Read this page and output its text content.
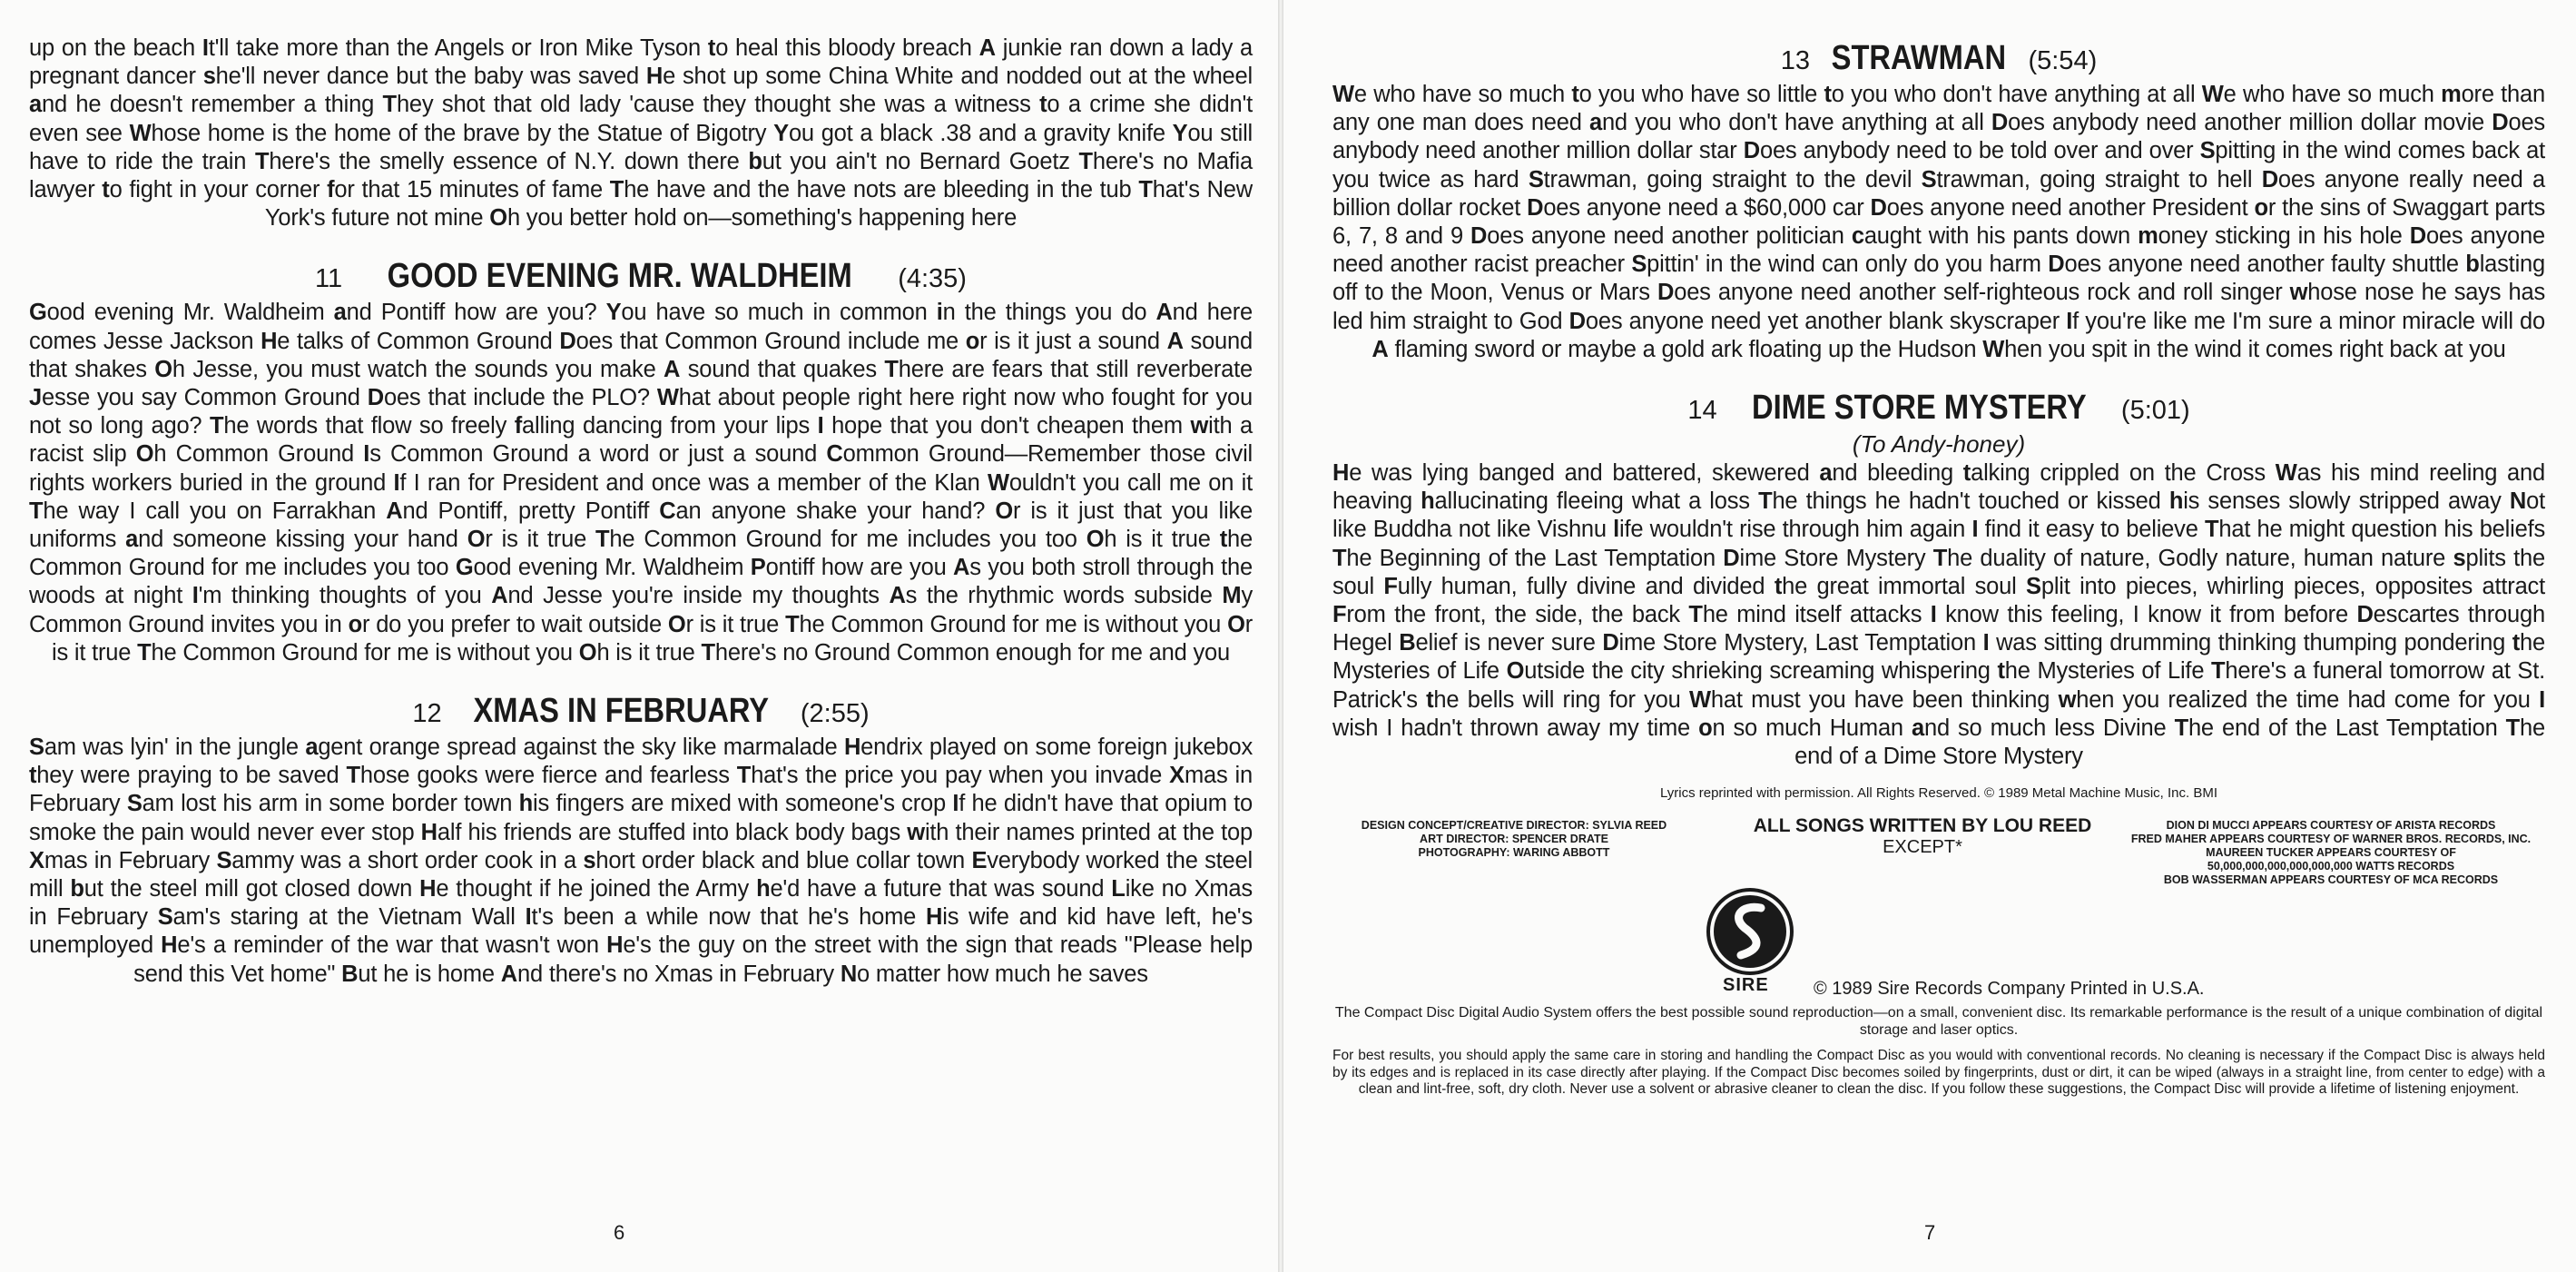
up on the beach It'll take more than the Angels or Iron Mike Tyson to heal this bloody breach A junkie ran down a lady a pregnant dancer she'll never dance but the baby was saved He shot up some China White and nodded out at the wheel and he doesn't remember a thing They shot that old lady 'cause they thought she was a witness to a crime she didn't even see Whose home is the home of the brave by the Statue of Bigotry You got a black .38 and a gravity knife You still have to ride the train There's the smelly essence of N.Y. down there but you ain't no Bernard Goetz There's no Mafia lawyer to fight in your corner for that 15 minutes of fame The have and the have nots are bleeding in the tub That's New York's future not mine Oh you better hold on—something's happening here

11 GOOD EVENING MR. WALDHEIM (4:35)

Good evening Mr. Waldheim and Pontiff how are you? You have so much in common in the things you do And here comes Jesse Jackson He talks of Common Ground Does that Common Ground include me or is it just a sound A sound that shakes Oh Jesse, you must watch the sounds you make A sound that quakes There are fears that still reverberate Jesse you say Common Ground Does that include the PLO? What about people right here right now who fought for you not so long ago? The words that flow so freely falling dancing from your lips I hope that you don't cheapen them with a racist slip Oh Common Ground Is Common Ground a word or just a sound Common Ground—Remember those civil rights workers buried in the ground If I ran for President and once was a member of the Klan Wouldn't you call me on it The way I call you on Farrakhan And Pontiff, pretty Pontiff Can anyone shake your hand? Or is it just that you like uniforms and someone kissing your hand Or is it true The Common Ground for me includes you too Oh is it true the Common Ground for me includes you too Good evening Mr. Waldheim Pontiff how are you As you both stroll through the woods at night I'm thinking thoughts of you And Jesse you're inside my thoughts As the rhythmic words subside My Common Ground invites you in or do you prefer to wait outside Or is it true The Common Ground for me is without you Or is it true The Common Ground for me is without you Oh is it true There's no Ground Common enough for me and you

12 XMAS IN FEBRUARY (2:55)

Sam was lyin' in the jungle agent orange spread against the sky like marmalade Hendrix played on some foreign jukebox they were praying to be saved Those gooks were fierce and fearless That's the price you pay when you invade Xmas in February Sam lost his arm in some border town his fingers are mixed with someone's crop If he didn't have that opium to smoke the pain would never ever stop Half his friends are stuffed into black body bags with their names printed at the top Xmas in February Sammy was a short order cook in a short order black and blue collar town Everybody worked the steel mill but the steel mill got closed down He thought if he joined the Army he'd have a future that was sound Like no Xmas in February Sam's staring at the Vietnam Wall It's been a while now that he's home His wife and kid have left, he's unemployed He's a reminder of the war that wasn't won He's the guy on the street with the sign that reads "Please help send this Vet home" But he is home And there's no Xmas in February No matter how much he saves

6
13 STRAWMAN (5:54)

We who have so much to you who have so little to you who don't have anything at all We who have so much more than any one man does need and you who don't have anything at all Does anybody need another million dollar movie Does anybody need another million dollar star Does anybody need to be told over and over Spitting in the wind comes back at you twice as hard Strawman, going straight to the devil Strawman, going straight to hell Does anyone really need a billion dollar rocket Does anyone need a $60,000 car Does anyone need another President or the sins of Swaggart parts 6, 7, 8 and 9 Does anyone need another politician caught with his pants down money sticking in his hole Does anyone need another racist preacher Spittin' in the wind can only do you harm Does anyone need another faulty shuttle blasting off to the Moon, Venus or Mars Does anyone need another self-righteous rock and roll singer whose nose he says has led him straight to God Does anyone need yet another blank skyscraper If you're like me I'm sure a minor miracle will do A flaming sword or maybe a gold ark floating up the Hudson When you spit in the wind it comes right back at you

14 DIME STORE MYSTERY (5:01)
(To Andy-honey)

He was lying banged and battered, skewered and bleeding talking crippled on the Cross Was his mind reeling and heaving hallucinating fleeing what a loss The things he hadn't touched or kissed his senses slowly stripped away Not like Buddha not like Vishnu life wouldn't rise through him again I find it easy to believe That he might question his beliefs The Beginning of the Last Temptation Dime Store Mystery The duality of nature, Godly nature, human nature splits the soul Fully human, fully divine and divided the great immortal soul Split into pieces, whirling pieces, opposites attract From the front, the side, the back The mind itself attacks I know this feeling, I know it from before Descartes through Hegel Belief is never sure Dime Store Mystery, Last Temptation I was sitting drumming thinking thumping pondering the Mysteries of Life Outside the city shrieking screaming whispering the Mysteries of Life There's a funeral tomorrow at St. Patrick's the bells will ring for you What must you have been thinking when you realized the time had come for you I wish I hadn't thrown away my time on so much Human and so much less Divine The end of the Last Temptation The end of a Dime Store Mystery

Lyrics reprinted with permission. All Rights Reserved. © 1989 Metal Machine Music, Inc. BMI
DESIGN CONCEPT/CREATIVE DIRECTOR: SYLVIA REED
ART DIRECTOR: SPENCER DRATE
PHOTOGRAPHY: WARING ABBOTT
ALL SONGS WRITTEN BY LOU REED
EXCEPT*
DION DI MUCCI APPEARS COURTESY OF ARISTA RECORDS
FRED MAHER APPEARS COURTESY OF WARNER BROS. RECORDS, INC.
MAUREEN TUCKER APPEARS COURTESY OF
50,000,000,000,000,000,000 WATTS RECORDS
BOB WASSERMAN APPEARS COURTESY OF MCA RECORDS
SIRE © 1989 Sire Records Company Printed in U.S.A.

The Compact Disc Digital Audio System offers the best possible sound reproduction—on a small, convenient disc. Its remarkable performance is the result of a unique combination of digital storage and laser optics.

For best results, you should apply the same care in storing and handling the Compact Disc as you would with conventional records. No cleaning is necessary if the Compact Disc is always held by its edges and is replaced in its case directly after playing. If the Compact Disc becomes soiled by fingerprints, dust or dirt, it can be wiped (always in a straight line, from center to edge) with a clean and lint-free, soft, dry cloth. Never use a solvent or abrasive cleaner to clean the disc. If you follow these suggestions, the Compact Disc will provide a lifetime of listening enjoyment.

7
